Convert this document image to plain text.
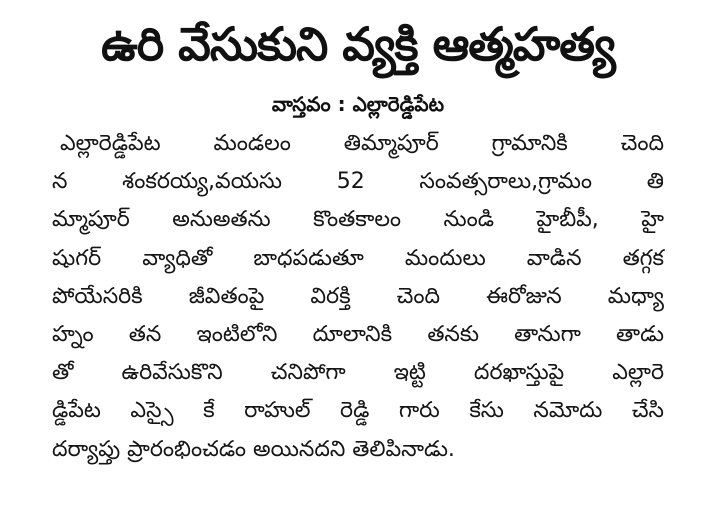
ఉరి వేసుకుని వ్యక్తి ఆత్మహత్య
వాస్తవం : ఎల్లారెడ్డిపేట
ఎల్లారెడ్డిపేట మండలం తిమ్మాపూర్ గ్రామానికి చెంది
న శంకరయ్య,వయసు 52 సంవత్సరాలు,గ్రామం తి
మ్మాపూర్ అనుఅతను కొంతకాలం నుండి హైబీపీ, హై
షుగర్ వ్యాధితో బాధపడుతూ మందులు వాడిన తగ్గక
పోయేసరికి జీవితంపై విరక్తి చెంది ఈరోజున మధ్యా
హ్నం తన ఇంటిలోని దూలానికి తనకు తానుగా తాడు
తో ఉరివేసుకొని చనిపోగా ఇట్టి దరఖాస్తుపై ఎల్లారె
డ్డిపేట ఎస్సై కే రాహుల్ రెడ్డి గారు కేసు నమోదు చేసి
దర్యాప్తు ప్రారంభించడం అయినదని తెలిపినాడు.
